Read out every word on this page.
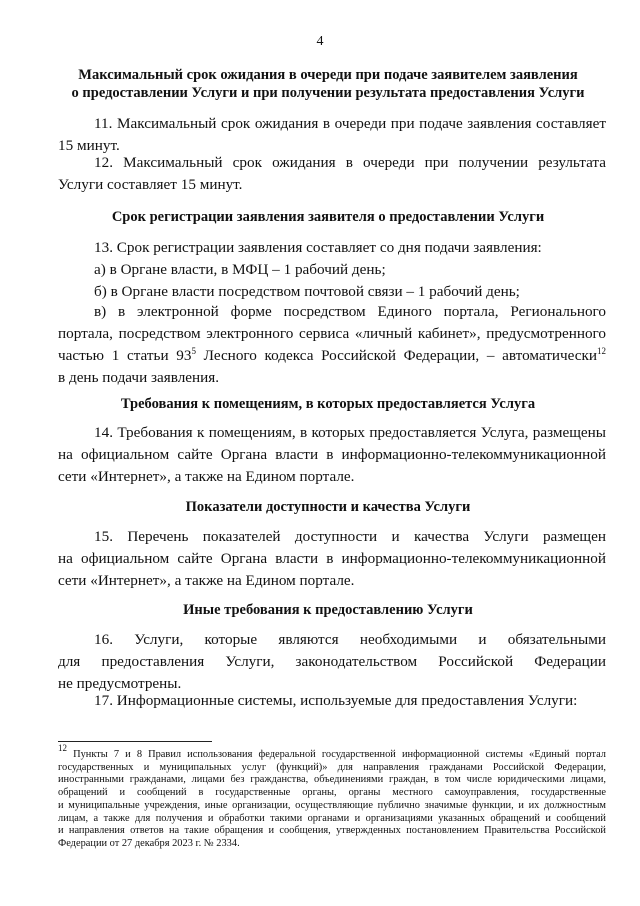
4
Максимальный срок ожидания в очереди при подаче заявителем заявления
о предоставлении Услуги и при получении результата предоставления Услуги
11. Максимальный срок ожидания в очереди при подаче заявления составляет
15 минут.
12. Максимальный срок ожидания в очереди при получении результата
Услуги составляет 15 минут.
Срок регистрации заявления заявителя о предоставлении Услуги
13. Срок регистрации заявления составляет со дня подачи заявления:
а) в Органе власти, в МФЦ – 1 рабочий день;
б) в Органе власти посредством почтовой связи – 1 рабочий день;
в) в электронной форме посредством Единого портала, Регионального
портала, посредством электронного сервиса «личный кабинет», предусмотренного
частью 1 статьи $93^5$ Лесного кодекса Российской Федерации, – автоматически$^{12}$
в день подачи заявления.
Требования к помещениям, в которых предоставляется Услуга
14. Требования к помещениям, в которых предоставляется Услуга, размещены
на официальном сайте Органа власти в информационно-телекоммуникационной
сети «Интернет», а также на Едином портале.
Показатели доступности и качества Услуги
15. Перечень показателей доступности и качества Услуги размещен
на официальном сайте Органа власти в информационно-телекоммуникационной
сети «Интернет», а также на Едином портале.
Иные требования к предоставлению Услуги
16. Услуги, которые являются необходимыми и обязательными
для предоставления Услуги, законодательством Российской Федерации
не предусмотрены.
17. Информационные системы, используемые для предоставления Услуги:
$^{12}$ Пункты 7 и 8 Правил использования федеральной государственной информационной системы «Единый портал
государственных и муниципальных услуг (функций)» для направления гражданами Российской Федерации,
иностранными гражданами, лицами без гражданства, объединениями граждан, в том числе юридическими лицами,
обращений и сообщений в государственные органы, органы местного самоуправления, государственные
и муниципальные учреждения, иные организации, осуществляющие публично значимые функции, и их должностным
лицам, а также для получения и обработки такими органами и организациями указанных обращений и сообщений
и направления ответов на такие обращения и сообщения, утвержденных постановлением Правительства Российской
Федерации от 27 декабря 2023 г. № 2334.
